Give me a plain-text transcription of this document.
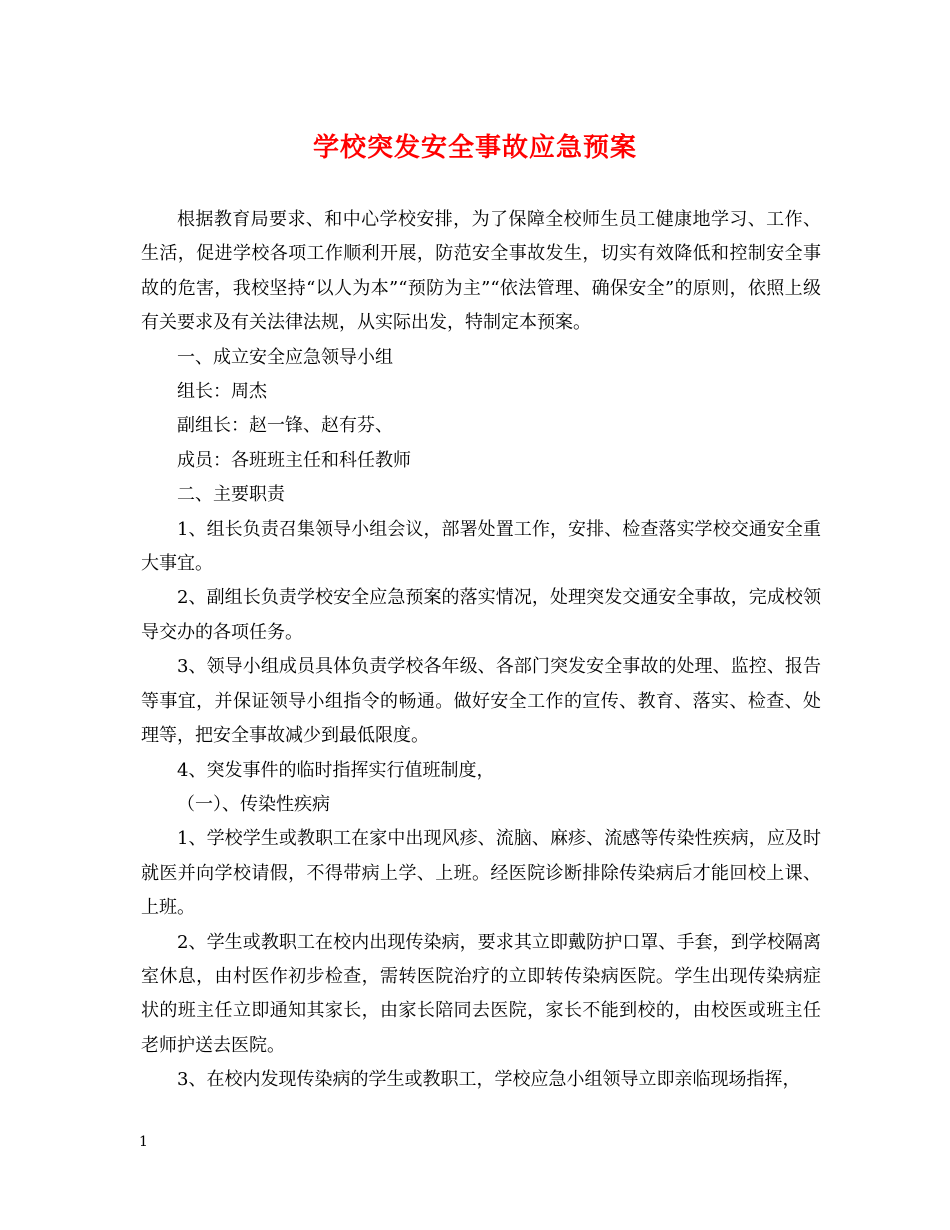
学校突发安全事故应急预案

根据教育局要求、和中心学校安排，为了保障全校师生员工健康地学习、工作、生活，促进学校各项工作顺利开展，防范安全事故发生，切实有效降低和控制安全事故的危害，我校坚持“以人为本”“预防为主”“依法管理、确保安全”的原则，依照上级有关要求及有关法律法规，从实际出发，特制定本预案。

一、成立安全应急领导小组

组长：周杰

副组长：赵一锋、赵有芬、

成员：各班班主任和科任教师

二、主要职责

1、组长负责召集领导小组会议，部署处置工作，安排、检查落实学校交通安全重大事宜。

2、副组长负责学校安全应急预案的落实情况，处理突发交通安全事故，完成校领导交办的各项任务。

3、领导小组成员具体负责学校各年级、各部门突发安全事故的处理、监控、报告等事宜，并保证领导小组指令的畅通。做好安全工作的宣传、教育、落实、检查、处理等，把安全事故减少到最低限度。

4、突发事件的临时指挥实行值班制度，

（一）、传染性疾病

1、学校学生或教职工在家中出现风疹、流脑、麻疹、流感等传染性疾病，应及时就医并向学校请假，不得带病上学、上班。经医院诊断排除传染病后才能回校上课、上班。

2、学生或教职工在校内出现传染病，要求其立即戴防护口罩、手套，到学校隔离室休息，由村医作初步检查，需转医院治疗的立即转传染病医院。学生出现传染病症状的班主任立即通知其家长，由家长陪同去医院，家长不能到校的，由校医或班主任老师护送去医院。

3、在校内发现传染病的学生或教职工，学校应急小组领导立即亲临现场指挥，

1
